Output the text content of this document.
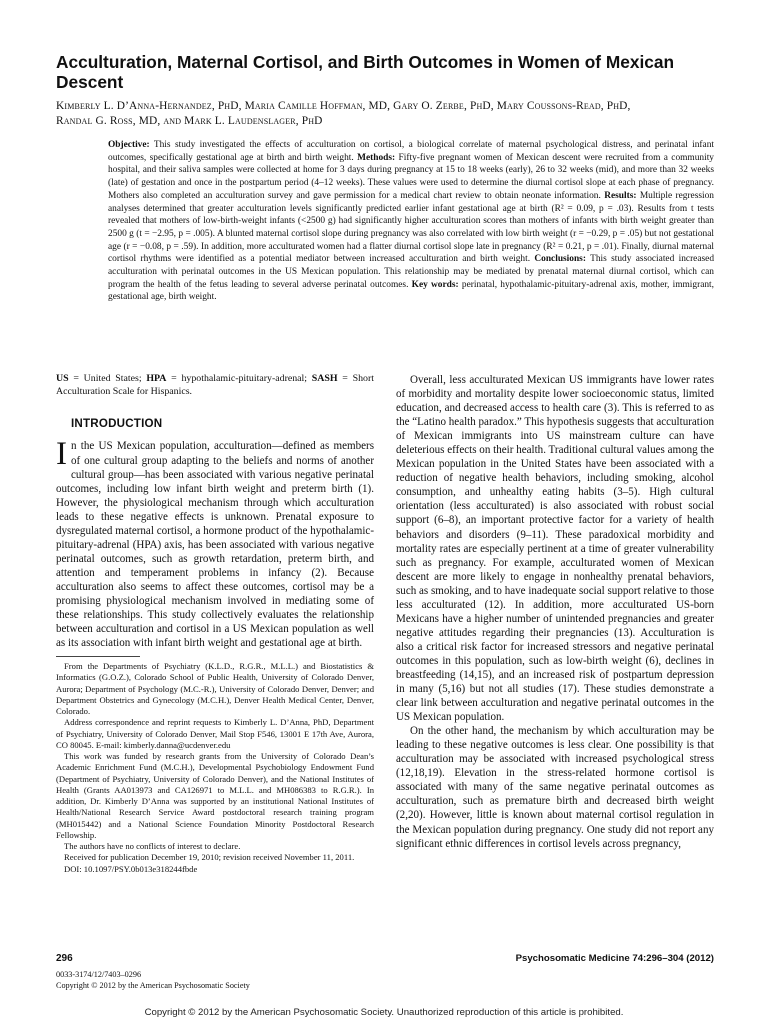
Acculturation, Maternal Cortisol, and Birth Outcomes in Women of Mexican Descent
Kimberly L. D’Anna-Hernandez, PhD, Maria Camille Hoffman, MD, Gary O. Zerbe, PhD, Mary Coussons-Read, PhD,
Randal G. Ross, MD, and Mark L. Laudenslager, PhD
Objective: This study investigated the effects of acculturation on cortisol, a biological correlate of maternal psychological distress, and perinatal infant outcomes, specifically gestational age at birth and birth weight. Methods: Fifty-five pregnant women of Mexican descent were recruited from a community hospital, and their saliva samples were collected at home for 3 days during pregnancy at 15 to 18 weeks (early), 26 to 32 weeks (mid), and more than 32 weeks (late) of gestation and once in the postpartum period (4–12 weeks). These values were used to determine the diurnal cortisol slope at each phase of pregnancy. Mothers also completed an acculturation survey and gave permission for a medical chart review to obtain neonate information. Results: Multiple regression analyses determined that greater acculturation levels significantly predicted earlier infant gestational age at birth (R² = 0.09, p = .03). Results from t tests revealed that mothers of low-birth-weight infants (<2500 g) had significantly higher acculturation scores than mothers of infants with birth weight greater than 2500 g (t = −2.95, p = .005). A blunted maternal cortisol slope during pregnancy was also correlated with low birth weight (r = −0.29, p = .05) but not gestational age (r = −0.08, p = .59). In addition, more acculturated women had a flatter diurnal cortisol slope late in pregnancy (R² = 0.21, p = .01). Finally, diurnal maternal cortisol rhythms were identified as a potential mediator between increased acculturation and birth weight. Conclusions: This study associated increased acculturation with perinatal outcomes in the US Mexican population. This relationship may be mediated by prenatal maternal diurnal cortisol, which can program the health of the fetus leading to several adverse perinatal outcomes. Key words: perinatal, hypothalamic-pituitary-adrenal axis, mother, immigrant, gestational age, birth weight.

US = United States; HPA = hypothalamic-pituitary-adrenal; SASH = Short Acculturation Scale for Hispanics.

INTRODUCTION

In the US Mexican population, acculturation—defined as members of one cultural group adapting to the beliefs and norms of another cultural group—has been associated with various negative perinatal outcomes, including low infant birth weight and preterm birth (1). However, the physiological mechanism through which acculturation leads to these negative effects is unknown. Prenatal exposure to dysregulated maternal cortisol, a hormone product of the hypothalamic-pituitary-adrenal (HPA) axis, has been associated with various negative perinatal outcomes, such as growth retardation, preterm birth, and attention and temperament problems in infancy (2). Because acculturation also seems to affect these outcomes, cortisol may be a promising physiological mechanism involved in mediating some of these relationships. This study collectively evaluates the relationship between acculturation and cortisol in a US Mexican population as well as its association with infant birth weight and gestational age at birth.

From the Departments of Psychiatry (K.L.D., R.G.R., M.L.L.) and Biostatistics & Informatics (G.O.Z.), Colorado School of Public Health, University of Colorado Denver, Aurora; Department of Psychology (M.C.-R.), University of Colorado Denver, Denver; and Department Obstetrics and Gynecology (M.C.H.), Denver Health Medical Center, Denver, Colorado.

Address correspondence and reprint requests to Kimberly L. D’Anna, PhD, Department of Psychiatry, University of Colorado Denver, Mail Stop F546, 13001 E 17th Ave, Aurora, CO 80045. E-mail: kimberly.danna@ucdenver.edu

This work was funded by research grants from the University of Colorado Dean’s Academic Enrichment Fund (M.C.H.), Developmental Psychobiology Endowment Fund (Department of Psychiatry, University of Colorado Denver), and the National Institutes of Health (Grants AA013973 and CA126971 to M.L.L. and MH086383 to R.G.R.). In addition, Dr. Kimberly D’Anna was supported by an institutional National Institutes of Health/National Research Service Award postdoctoral research training program (MH015442) and a National Science Foundation Minority Postdoctoral Research Fellowship.

The authors have no conflicts of interest to declare.

Received for publication December 19, 2010; revision received November 11, 2011.

DOI: 10.1097/PSY.0b013e318244fbde

Overall, less acculturated Mexican US immigrants have lower rates of morbidity and mortality despite lower socioeconomic status, limited education, and decreased access to health care (3). This is referred to as the “Latino health paradox.” This hypothesis suggests that acculturation of Mexican immigrants into US mainstream culture can have deleterious effects on their health. Traditional cultural values among the Mexican population in the United States have been associated with a reduction of negative health behaviors, including smoking, alcohol consumption, and unhealthy eating habits (3–5). High cultural orientation (less acculturated) is also associated with robust social support (6–8), an important protective factor for a variety of health behaviors and disorders (9–11). These paradoxical morbidity and mortality rates are especially pertinent at a time of greater vulnerability such as pregnancy. For example, acculturated women of Mexican descent are more likely to engage in nonhealthy prenatal behaviors, such as smoking, and to have inadequate social support relative to those less acculturated (12). In addition, more acculturated US-born Mexicans have a higher number of unintended pregnancies and greater negative attitudes regarding their pregnancies (13). Acculturation is also a critical risk factor for increased stressors and negative perinatal outcomes in this population, such as low-birth weight (6), declines in breastfeeding (14,15), and an increased risk of postpartum depression in many (5,16) but not all studies (17). These studies demonstrate a clear link between acculturation and negative perinatal outcomes in the US Mexican population.

On the other hand, the mechanism by which acculturation may be leading to these negative outcomes is less clear. One possibility is that acculturation may be associated with increased psychological stress (12,18,19). Elevation in the stress-related hormone cortisol is associated with many of the same negative perinatal outcomes as acculturation, such as premature birth and decreased birth weight (2,20). However, little is known about maternal cortisol regulation in the Mexican population during pregnancy. One study did not report any significant ethnic differences in cortisol levels across pregnancy,

296	Psychosomatic Medicine 74:296–304 (2012)
0033-3174/12/7403–0296
Copyright © 2012 by the American Psychosomatic Society
Copyright © 2012 by the American Psychosomatic Society. Unauthorized reproduction of this article is prohibited.
